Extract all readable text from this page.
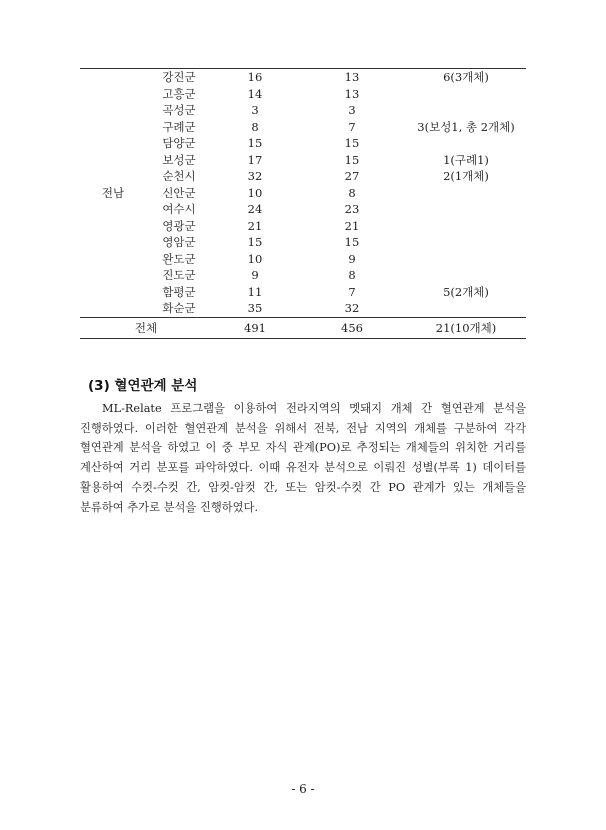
전남	강진군	16	13	6(3개체)
	고흥군	14	13	
	곡성군	3	3	
	구례군	8	7	3(보성1, 총 2개체)
	담양군	15	15	
	보성군	17	15	1(구례1)
	순천시	32	27	2(1개체)
	신안군	10	8	
	여수시	24	23	
	영광군	21	21	
	영암군	15	15	
	완도군	10	9	
	진도군	9	8	
	함평군	11	7	5(2개체)
	화순군	35	32	
전체		491	456	21(10개체)
(3) 혈연관계 분석

ML-Relate 프로그램을 이용하여 전라지역의 멧돼지 개체 간 혈연관계 분석을 진행하였다. 이러한 혈연관계 분석을 위해서 전북, 전남 지역의 개체를 구분하여 각각 혈연관계 분석을 하였고 이 중 부모 자식 관계(PO)로 추정되는 개체들의 위치한 거리를 계산하여 거리 분포를 파악하였다. 이때 유전자 분석으로 이뤄진 성별(부록 1) 데이터를 활용하여 수컷-수컷 간, 암컷-암컷 간, 또는 암컷-수컷 간 PO 관계가 있는 개체들을 분류하여 추가로 분석을 진행하였다.

- 6 -
